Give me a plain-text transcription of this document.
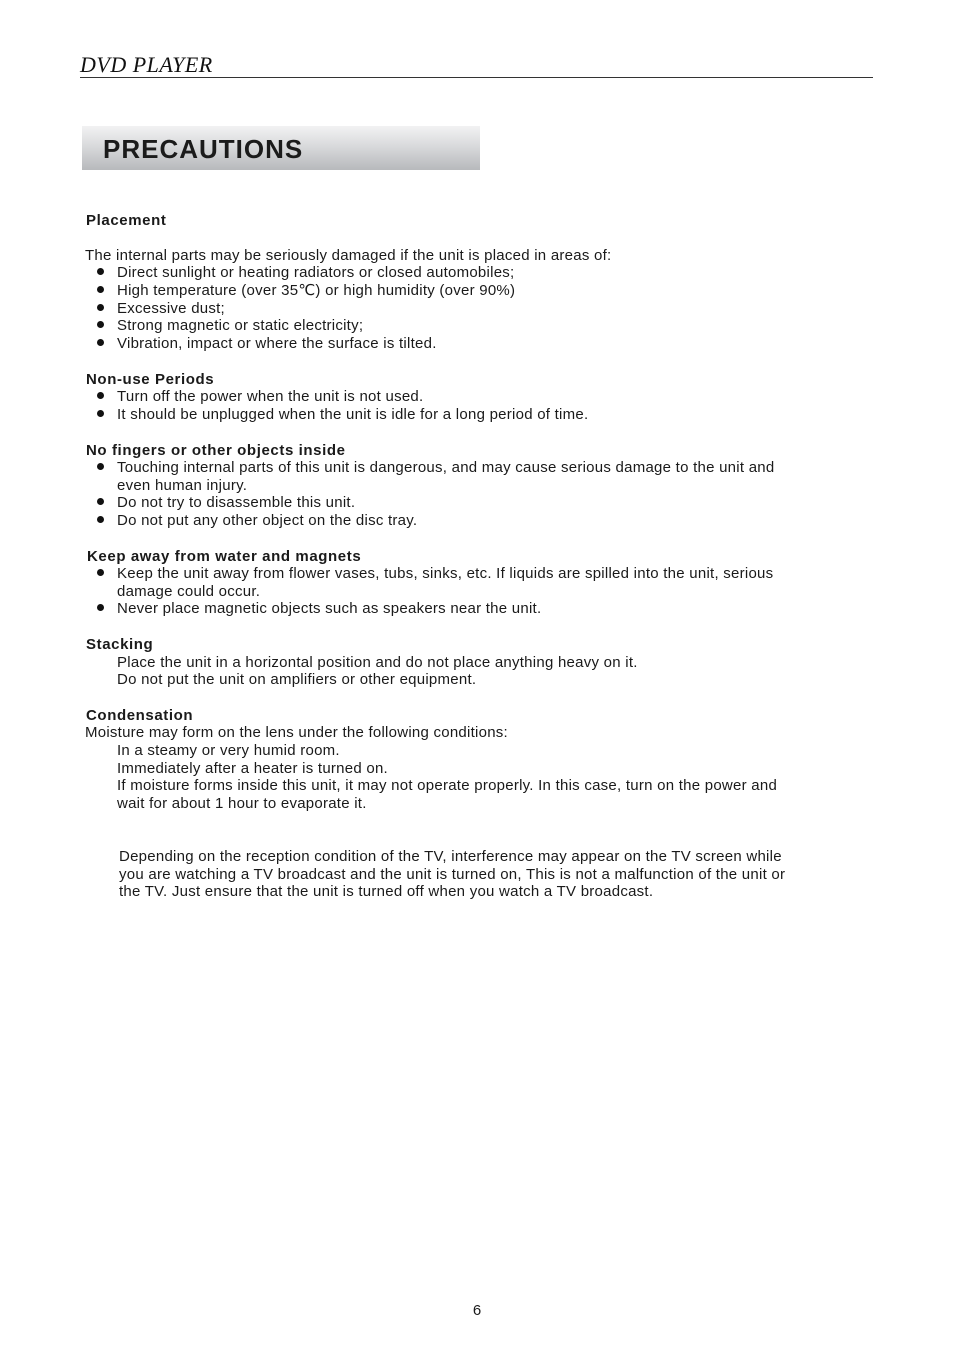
DVD PLAYER
PRECAUTIONS
Placement
The internal parts may be seriously damaged if the unit is placed in areas of:
Direct sunlight or heating radiators or closed automobiles;
High temperature (over 35℃) or high humidity (over 90%)
Excessive dust;
Strong magnetic or static electricity;
Vibration, impact or where the surface is tilted.
Non-use Periods
Turn off the power when the unit is not used.
It should be unplugged when the unit is idle for a long period of time.
No fingers or other objects inside
Touching internal parts of this unit is dangerous, and may cause serious damage to the unit and
even human injury.
Do not try to disassemble this unit.
Do not put any other object on the disc tray.
Keep away from water and magnets
Keep the unit away from flower vases, tubs, sinks, etc. If liquids are spilled into the unit, serious
damage could occur.
Never place magnetic objects such as speakers near the unit.
Stacking
Place the unit in a horizontal position and do not place anything heavy on it.
Do not put the unit on amplifiers or other equipment.
Condensation
Moisture may form on the lens under the following conditions:
In a steamy or very humid room.
Immediately after a heater is turned on.
If moisture forms inside this unit, it may not operate properly. In this case, turn on the power and
wait for about 1 hour to evaporate it.
Depending on the reception condition of the TV, interference may appear on the TV screen while
you are watching a TV broadcast and the unit is turned on, This is not a malfunction of the unit or
the TV. Just ensure that the unit is turned off when you watch a TV broadcast.
6
